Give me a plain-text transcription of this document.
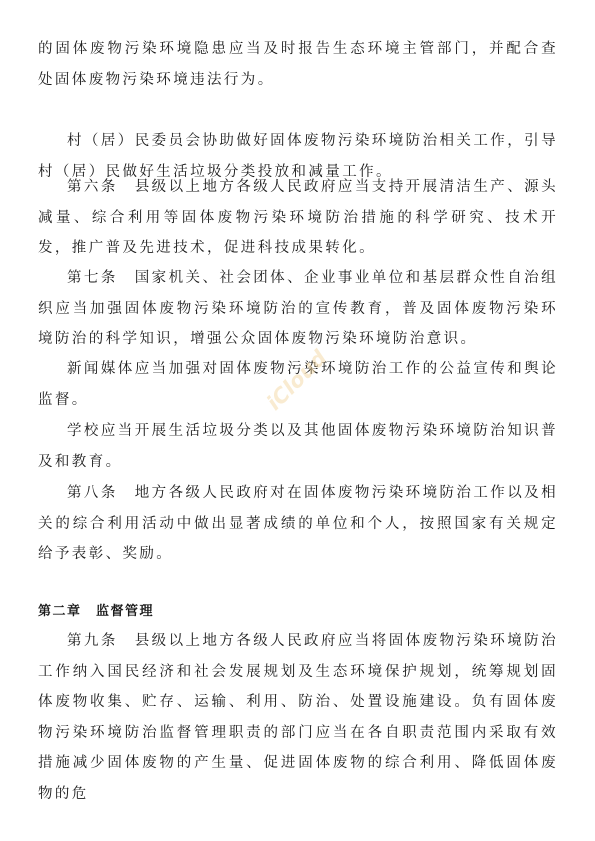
的固体废物污染环境隐患应当及时报告生态环境主管部门，并配合查处固体废物污染环境违法行为。

村（居）民委员会协助做好固体废物污染环境防治相关工作，引导村（居）民做好生活垃圾分类投放和减量工作。

第六条　县级以上地方各级人民政府应当支持开展清洁生产、源头减量、综合利用等固体废物污染环境防治措施的科学研究、技术开发，推广普及先进技术，促进科技成果转化。

第七条　国家机关、社会团体、企业事业单位和基层群众性自治组织应当加强固体废物污染环境防治的宣传教育，普及固体废物污染环境防治的科学知识，增强公众固体废物污染环境防治意识。

新闻媒体应当加强对固体废物污染环境防治工作的公益宣传和舆论监督。

学校应当开展生活垃圾分类以及其他固体废物污染环境防治知识普及和教育。

第八条　地方各级人民政府对在固体废物污染环境防治工作以及相关的综合利用活动中做出显著成绩的单位和个人，按照国家有关规定给予表彰、奖励。

第二章　监督管理

第九条　县级以上地方各级人民政府应当将固体废物污染环境防治工作纳入国民经济和社会发展规划及生态环境保护规划，统筹规划固体废物收集、贮存、运输、利用、防治、处置设施建设。负有固体废物污染环境防治监督管理职责的部门应当在各自职责范围内采取有效措施减少固体废物的产生量、促进固体废物的综合利用、降低固体废物的危

iCloud
